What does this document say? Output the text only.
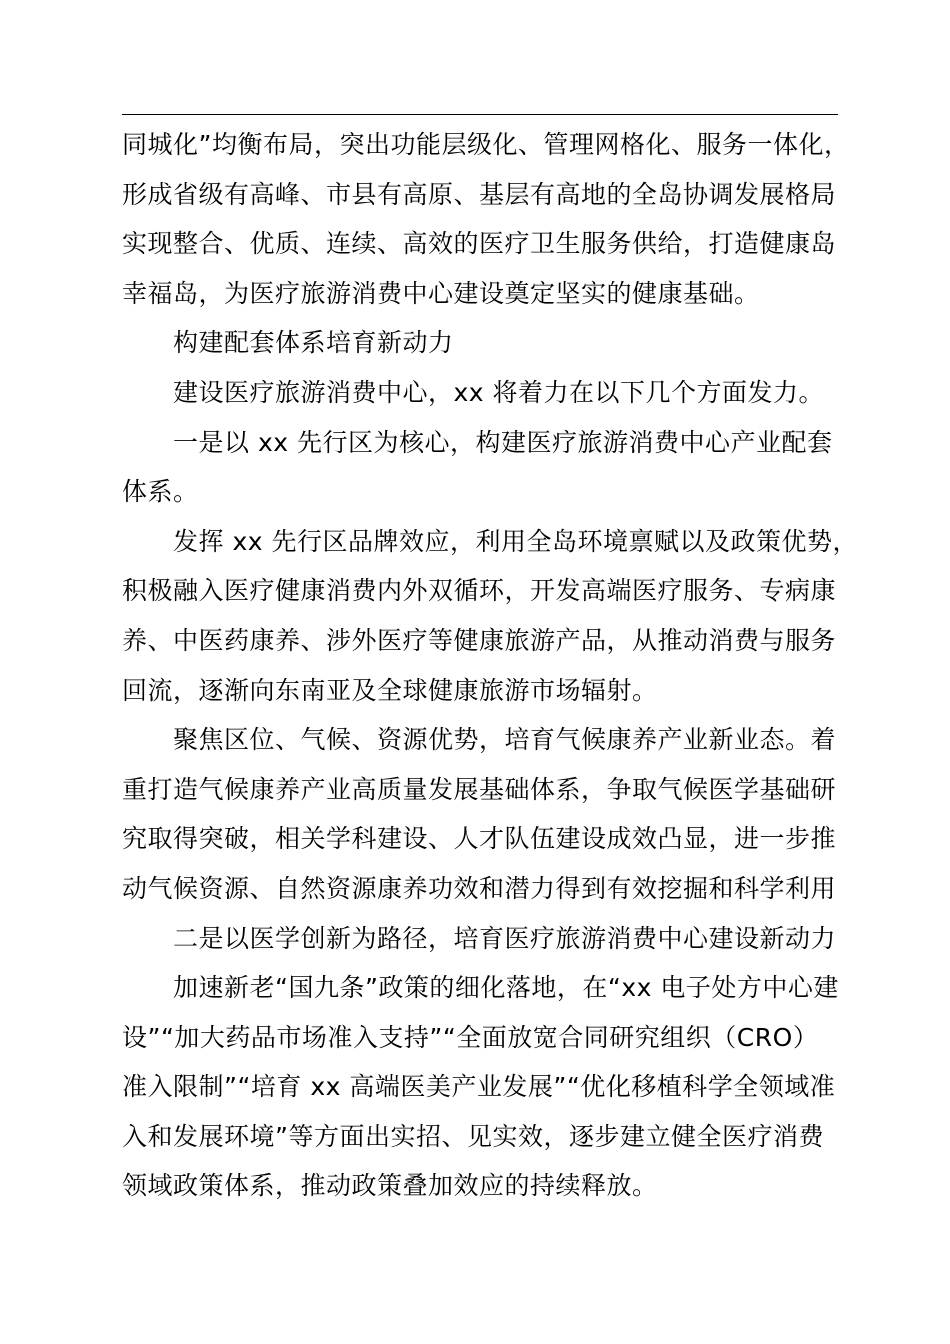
同城化”均衡布局，突出功能层级化、管理网格化、服务一体化，
形成省级有高峰、市县有高原、基层有高地的全岛协调发展格局
实现整合、优质、连续、高效的医疗卫生服务供给，打造健康岛
幸福岛，为医疗旅游消费中心建设奠定坚实的健康基础。
构建配套体系培育新动力
建设医疗旅游消费中心，xx 将着力在以下几个方面发力。
一是以 xx 先行区为核心，构建医疗旅游消费中心产业配套
体系。
发挥 xx 先行区品牌效应，利用全岛环境禀赋以及政策优势，
积极融入医疗健康消费内外双循环，开发高端医疗服务、专病康
养、中医药康养、涉外医疗等健康旅游产品，从推动消费与服务
回流，逐渐向东南亚及全球健康旅游市场辐射。
聚焦区位、气候、资源优势，培育气候康养产业新业态。着
重打造气候康养产业高质量发展基础体系，争取气候医学基础研
究取得突破，相关学科建设、人才队伍建设成效凸显，进一步推
动气候资源、自然资源康养功效和潜力得到有效挖掘和科学利用
二是以医学创新为路径，培育医疗旅游消费中心建设新动力
加速新老“国九条”政策的细化落地，在“xx 电子处方中心建
设”“加大药品市场准入支持”“全面放宽合同研究组织（CRO）
准入限制”“培育 xx 高端医美产业发展”“优化移植科学全领域准
入和发展环境”等方面出实招、见实效，逐步建立健全医疗消费
领域政策体系，推动政策叠加效应的持续释放。
